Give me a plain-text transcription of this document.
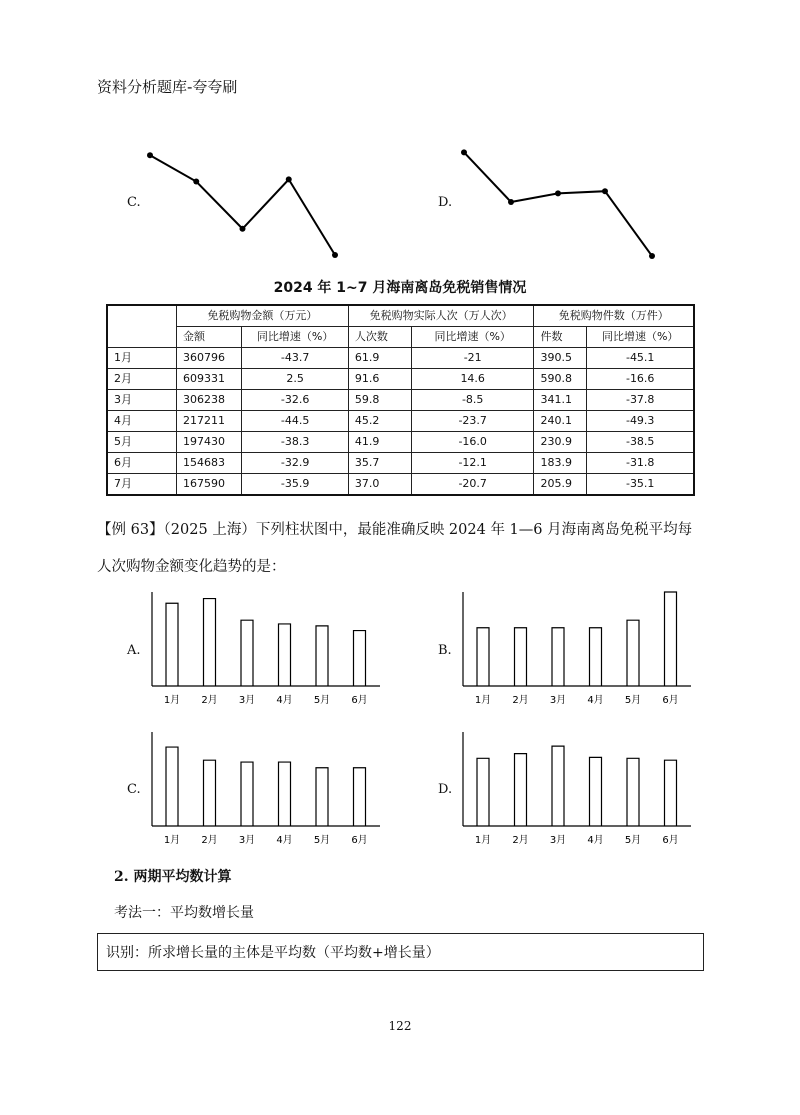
资料分析题库-夸夸刷
C.	D.
2024 年 1~7 月海南离岛免税销售情况
	免税购物金额（万元）		免税购物实际人次（万人次）		免税购物件数（万件）	
	金额	同比增速（%）	人次数	同比增速（%）	件数	同比增速（%）
1月	360796	-43.7	61.9	-21	390.5	-45.1
2月	609331	2.5	91.6	14.6	590.8	-16.6
3月	306238	-32.6	59.8	-8.5	341.1	-37.8
4月	217211	-44.5	45.2	-23.7	240.1	-49.3
5月	197430	-38.3	41.9	-16.0	230.9	-38.5
6月	154683	-32.9	35.7	-12.1	183.9	-31.8
7月	167590	-35.9	37.0	-20.7	205.9	-35.1
【例 63】（2025 上海）下列柱状图中，最能准确反映 2024 年 1—6 月海南离岛免税平均每
人次购物金额变化趋势的是：
A.	B.
C.	D.
1月 2月 3月 4月 5月 6月	1月 2月 3月 4月 5月 6月
1月 2月 3月 4月 5月 6月	1月 2月 3月 4月 5月 6月
2. 两期平均数计算
考法一：平均数增长量
识别：所求增长量的主体是平均数（平均数+增长量）
122
